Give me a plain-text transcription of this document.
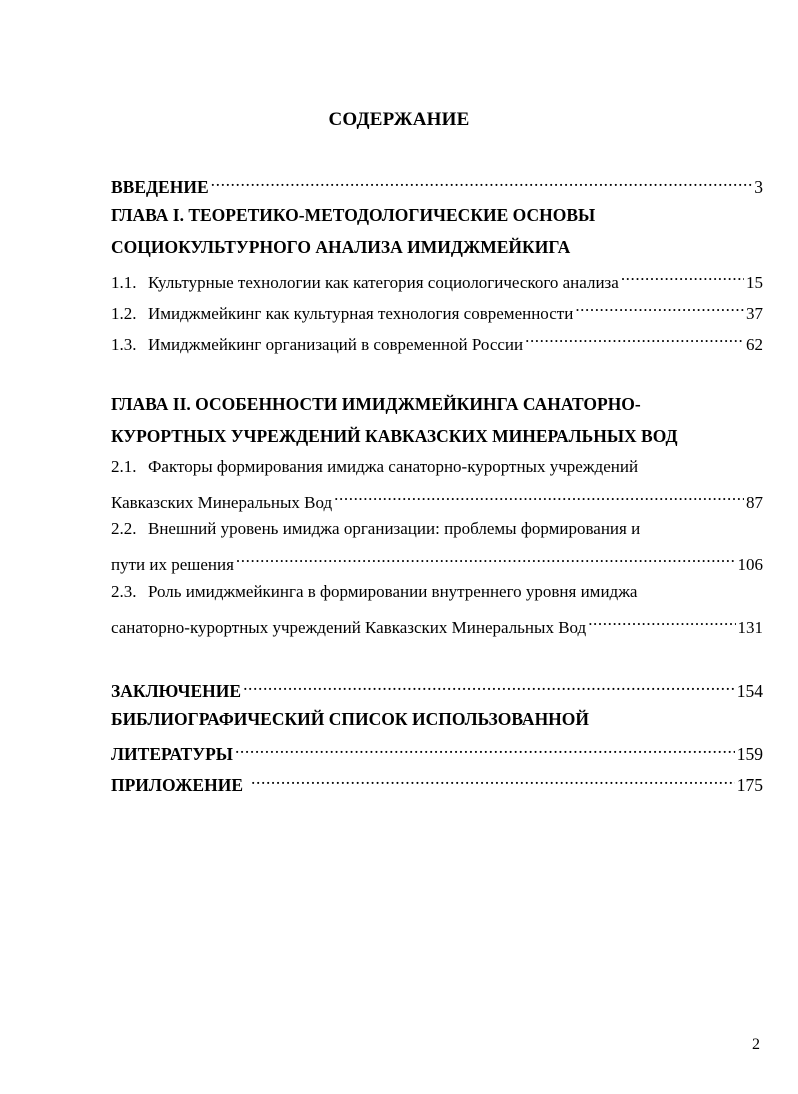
СОДЕРЖАНИЕ
ВВЕДЕНИЕ .....	3
ГЛАВА I. ТЕОРЕТИКО-МЕТОДОЛОГИЧЕСКИЕ ОСНОВЫ
СОЦИОКУЛЬТУРНОГО АНАЛИЗА ИМИДЖМЕЙКИГА
1.1. Культурные технологии как категория социологического анализа .....	15
1.2. Имиджмейкинг как культурная технология современности .....	37
1.3. Имиджмейкинг организаций в современной России .....	62
ГЛАВА II. ОСОБЕННОСТИ ИМИДЖМЕЙКИНГА САНАТОРНО-
КУРОРТНЫХ УЧРЕЖДЕНИЙ КАВКАЗСКИХ МИНЕРАЛЬНЫХ ВОД
2.1. Факторы формирования имиджа санаторно-курортных учреждений
Кавказских Минеральных Вод .....	87
2.2. Внешний уровень имиджа организации: проблемы формирования и
пути их решения .....	106
2.3. Роль имиджмейкинга в формировании внутреннего уровня имиджа
санаторно-курортных учреждений Кавказских Минеральных Вод .....	131
ЗАКЛЮЧЕНИЕ .....	154
БИБЛИОГРАФИЧЕСКИЙ СПИСОК ИСПОЛЬЗОВАННОЙ
ЛИТЕРАТУРЫ .....	159
ПРИЛОЖЕНИЕ .....	175
2
